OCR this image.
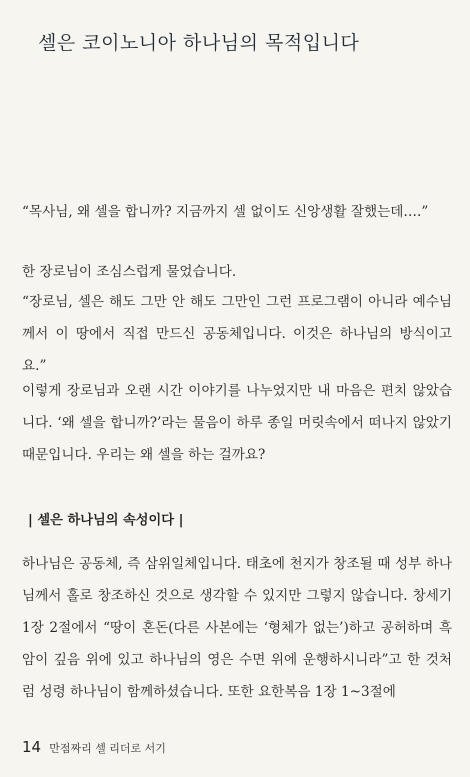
셀은 코이노니아 하나님의 목적입니다
“목사님, 왜 셀을 합니까? 지금까지 셀 없이도 신앙생활 잘했는데….”
한 장로님이 조심스럽게 물었습니다.
“장로님, 셀은 해도 그만 안 해도 그만인 그런 프로그램이 아니라 예수님께서 이 땅에서 직접 만드신 공동체입니다. 이것은 하나님의 방식이고요.”
이렇게 장로님과 오랜 시간 이야기를 나누었지만 내 마음은 편치 않았습니다. ‘왜 셀을 합니까?’라는 물음이 하루 종일 머릿속에서 떠나지 않았기 때문입니다. 우리는 왜 셀을 하는 걸까요?
| 셀은 하나님의 속성이다 |
하나님은 공동체, 즉 삼위일체입니다. 태초에 천지가 창조될 때 성부 하나님께서 홀로 창조하신 것으로 생각할 수 있지만 그렇지 않습니다. 창세기 1장 2절에서 “땅이 혼돈(다른 사본에는 ‘형체가 없는’)하고 공허하며 흑암이 깊음 위에 있고 하나님의 영은 수면 위에 운행하시니라”고 한 것처럼 성령 하나님이 함께하셨습니다. 또한 요한복음 1장 1~3절에
14 만점짜리 셀 리더로 서기
